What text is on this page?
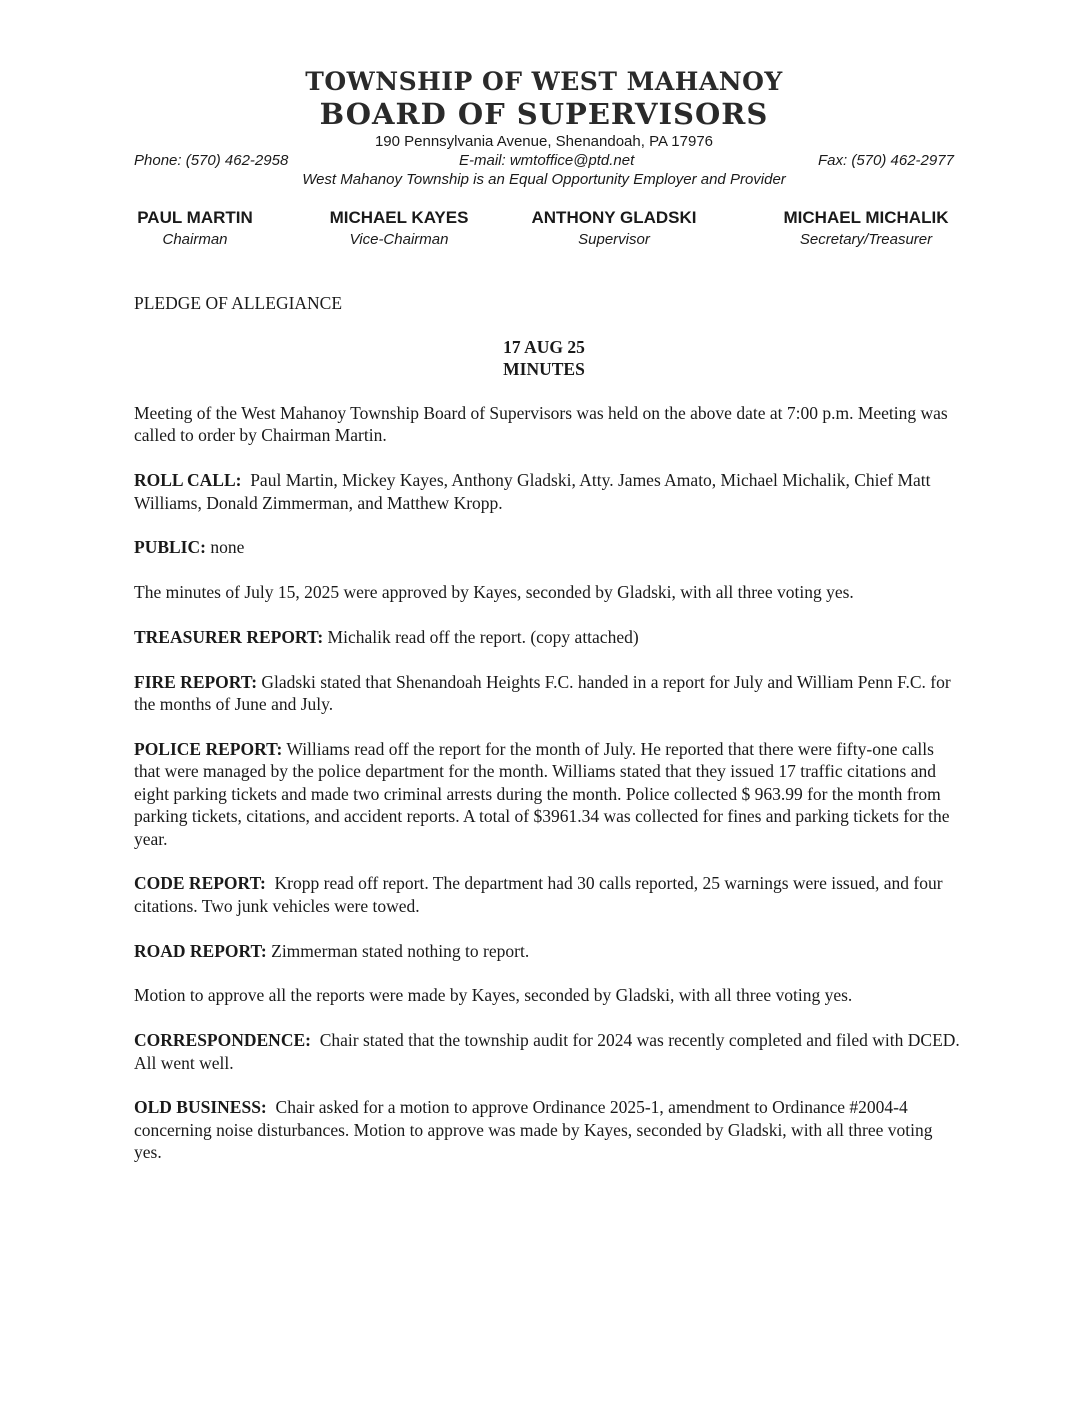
TOWNSHIP OF WEST MAHANOY
BOARD OF SUPERVISORS
190 Pennsylvania Avenue, Shenandoah, PA 17976
Phone: (570) 462-2958	E-mail: wmtoffice@ptd.net	Fax: (570) 462-2977
West Mahanoy Township is an Equal Opportunity Employer and Provider
PAUL MARTIN
Chairman
MICHAEL KAYES
Vice-Chairman
ANTHONY GLADSKI
Supervisor
MICHAEL MICHALIK
Secretary/Treasurer
PLEDGE OF ALLEGIANCE
17 AUG 25
MINUTES

Meeting of the West Mahanoy Township Board of Supervisors was held on the above date at 7:00 p.m. Meeting was called to order by Chairman Martin.

ROLL CALL: Paul Martin, Mickey Kayes, Anthony Gladski, Atty. James Amato, Michael Michalik, Chief Matt Williams, Donald Zimmerman, and Matthew Kropp.

PUBLIC: none

The minutes of July 15, 2025 were approved by Kayes, seconded by Gladski, with all three voting yes.

TREASURER REPORT: Michalik read off the report. (copy attached)

FIRE REPORT: Gladski stated that Shenandoah Heights F.C. handed in a report for July and William Penn F.C. for the months of June and July.

POLICE REPORT: Williams read off the report for the month of July. He reported that there were fifty-one calls that were managed by the police department for the month. Williams stated that they issued 17 traffic citations and eight parking tickets and made two criminal arrests during the month. Police collected $ 963.99 for the month from parking tickets, citations, and accident reports. A total of $3961.34 was collected for fines and parking tickets for the year.

CODE REPORT: Kropp read off report. The department had 30 calls reported, 25 warnings were issued, and four citations. Two junk vehicles were towed.

ROAD REPORT: Zimmerman stated nothing to report.

Motion to approve all the reports were made by Kayes, seconded by Gladski, with all three voting yes.

CORRESPONDENCE: Chair stated that the township audit for 2024 was recently completed and filed with DCED. All went well.

OLD BUSINESS: Chair asked for a motion to approve Ordinance 2025-1, amendment to Ordinance #2004-4 concerning noise disturbances. Motion to approve was made by Kayes, seconded by Gladski, with all three voting yes.
